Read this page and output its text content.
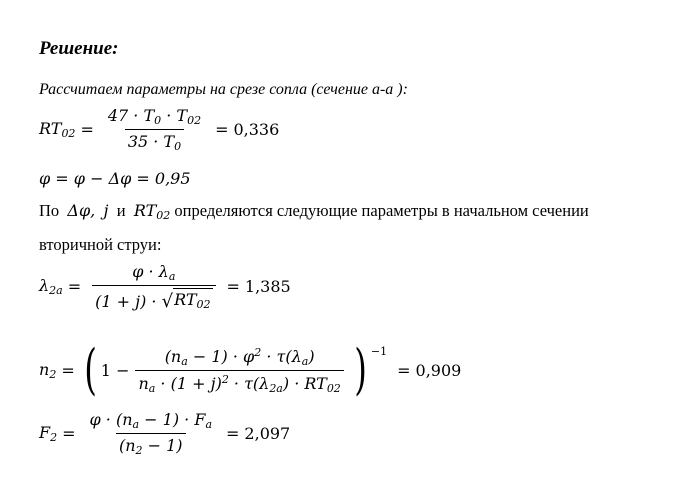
Решение:
Рассчитаем параметры на срезе сопла (сечение а-а ):
$RT_{02} = \frac{47 \cdot T_0 \cdot T_{02}}{35 \cdot T_0} = 0,336$
φ = φ − Δφ = 0,95
По Δφ, j и $RT_{02}$ определяются следующие параметры в начальном сечении
вторичной струи:
$\lambda_{2a} = \frac{\varphi \cdot \lambda_a}{(1 + j) \cdot √ RT_{02}} = 1,385$
$n_2$ = ( $1 - \frac{(n_a - 1) \cdot \varphi^2 \cdot \tau(\lambda_a)}{n_a \cdot (1 + j)^2 \cdot \tau(\lambda_{2a}) \cdot RT_{02}}$ ) −1
= 0,909
$F_2 = \frac{\varphi \cdot (n_a - 1) \cdot F_a}{(n_2 - 1)} = 2,097$
